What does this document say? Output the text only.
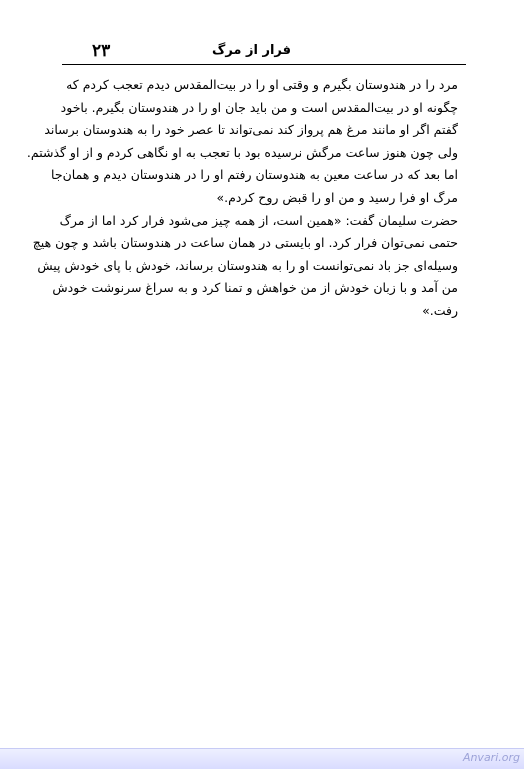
فرار از مرگ
۲۳
مرد را در هندوستان بگیرم و وقتی او را در بیت‌المقدس دیدم تعجب کردم که
چگونه او در بیت‌المقدس است و من باید جان او را در هندوستان بگیرم. باخود
گفتم اگر او مانند مرغ هم پرواز کند نمی‌تواند تا عصر خود را به هندوستان برساند
ولی چون هنوز ساعت مرگش نرسیده بود با تعجب به او نگاهی کردم و از او گذشتم.
اما بعد که در ساعت معین به هندوستان رفتم او را در هندوستان دیدم و همان‌جا
مرگ او فرا رسید و من او را قبض روح کردم.»
حضرت سلیمان گفت: «همین است، از همه چیز می‌شود فرار کرد اما از مرگ
حتمی نمی‌توان فرار کرد. او بایستی در همان ساعت در هندوستان باشد و چون هیچ
وسیله‌ای جز باد نمی‌توانست او را به هندوستان برساند، خودش با پای خودش پیش
من آمد و با زبان خودش از من خواهش و تمنا کرد و به سراغ سرنوشت خودش
رفت.»
Anvari.org
